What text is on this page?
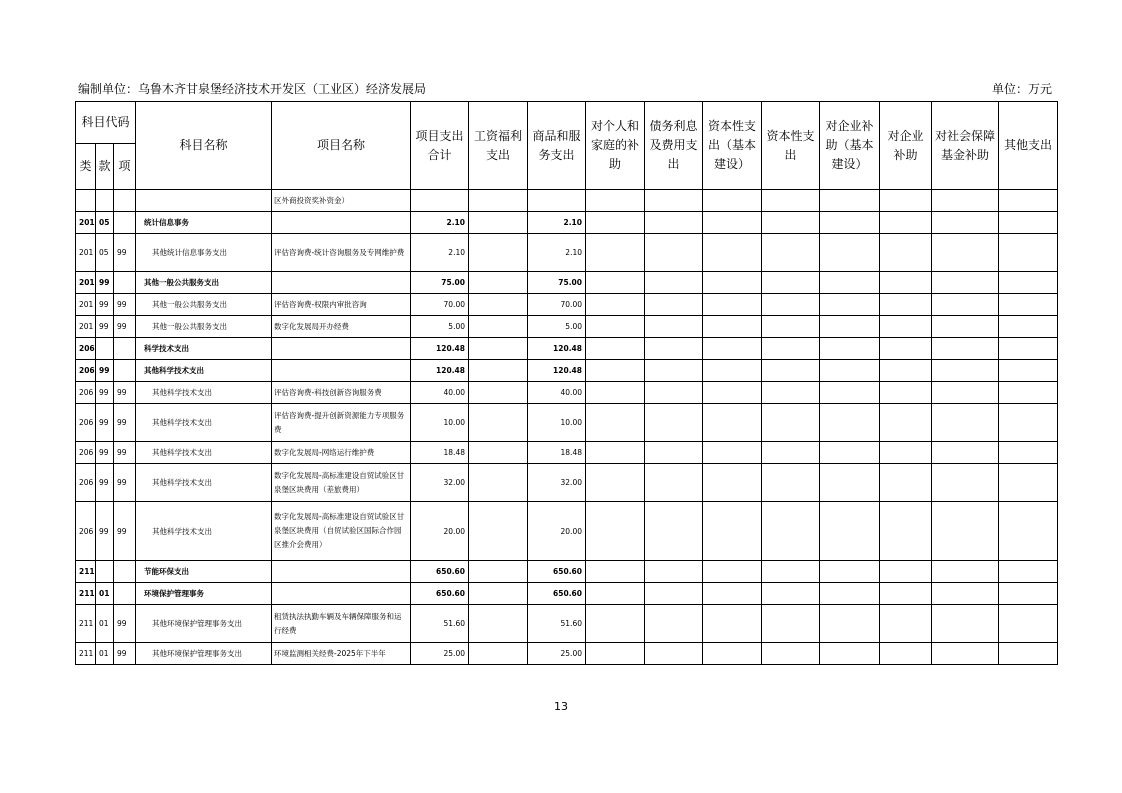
编制单位：乌鲁木齐甘泉堡经济技术开发区（工业区）经济发展局	单位：万元
科目代码			科目名称	项目名称	项目支出合计	工资福利支出	商品和服务支出	对个人和家庭的补助	债务利息及费用支出	资本性支出（基本建设）	资本性支出	对企业补助（基本建设）	对企业补助	对社会保障基金补助	其他支出
类	款	项													
				区外商投资奖补资金）											
201	05		统计信息事务		2.10		2.10								
201	05	99	其他统计信息事务支出	评估咨询费-统计咨询服务及专网维护费	2.10		2.10								
201	99		其他一般公共服务支出		75.00		75.00								
201	99	99	其他一般公共服务支出	评估咨询费-权限内审批咨询	70.00		70.00								
201	99	99	其他一般公共服务支出	数字化发展局开办经费	5.00		5.00								
206			科学技术支出		120.48		120.48								
206	99		其他科学技术支出		120.48		120.48								
206	99	99	其他科学技术支出	评估咨询费-科技创新咨询服务费	40.00		40.00								
206	99	99	其他科学技术支出	评估咨询费-提升创新资源能力专项服务费	10.00		10.00								
206	99	99	其他科学技术支出	数字化发展局-网络运行维护费	18.48		18.48								
206	99	99	其他科学技术支出	数字化发展局-高标准建设自贸试验区甘泉堡区块费用（差旅费用）	32.00		32.00								
206	99	99	其他科学技术支出	数字化发展局-高标准建设自贸试验区甘泉堡区块费用（自贸试验区国际合作园区推介会费用）	20.00		20.00								
211			节能环保支出		650.60		650.60								
211	01		环境保护管理事务		650.60		650.60								
211	01	99	其他环境保护管理事务支出	租赁执法执勤车辆及车辆保障服务和运行经费	51.60		51.60								
211	01	99	其他环境保护管理事务支出	环境监测相关经费-2025年下半年	25.00		25.00								
13
